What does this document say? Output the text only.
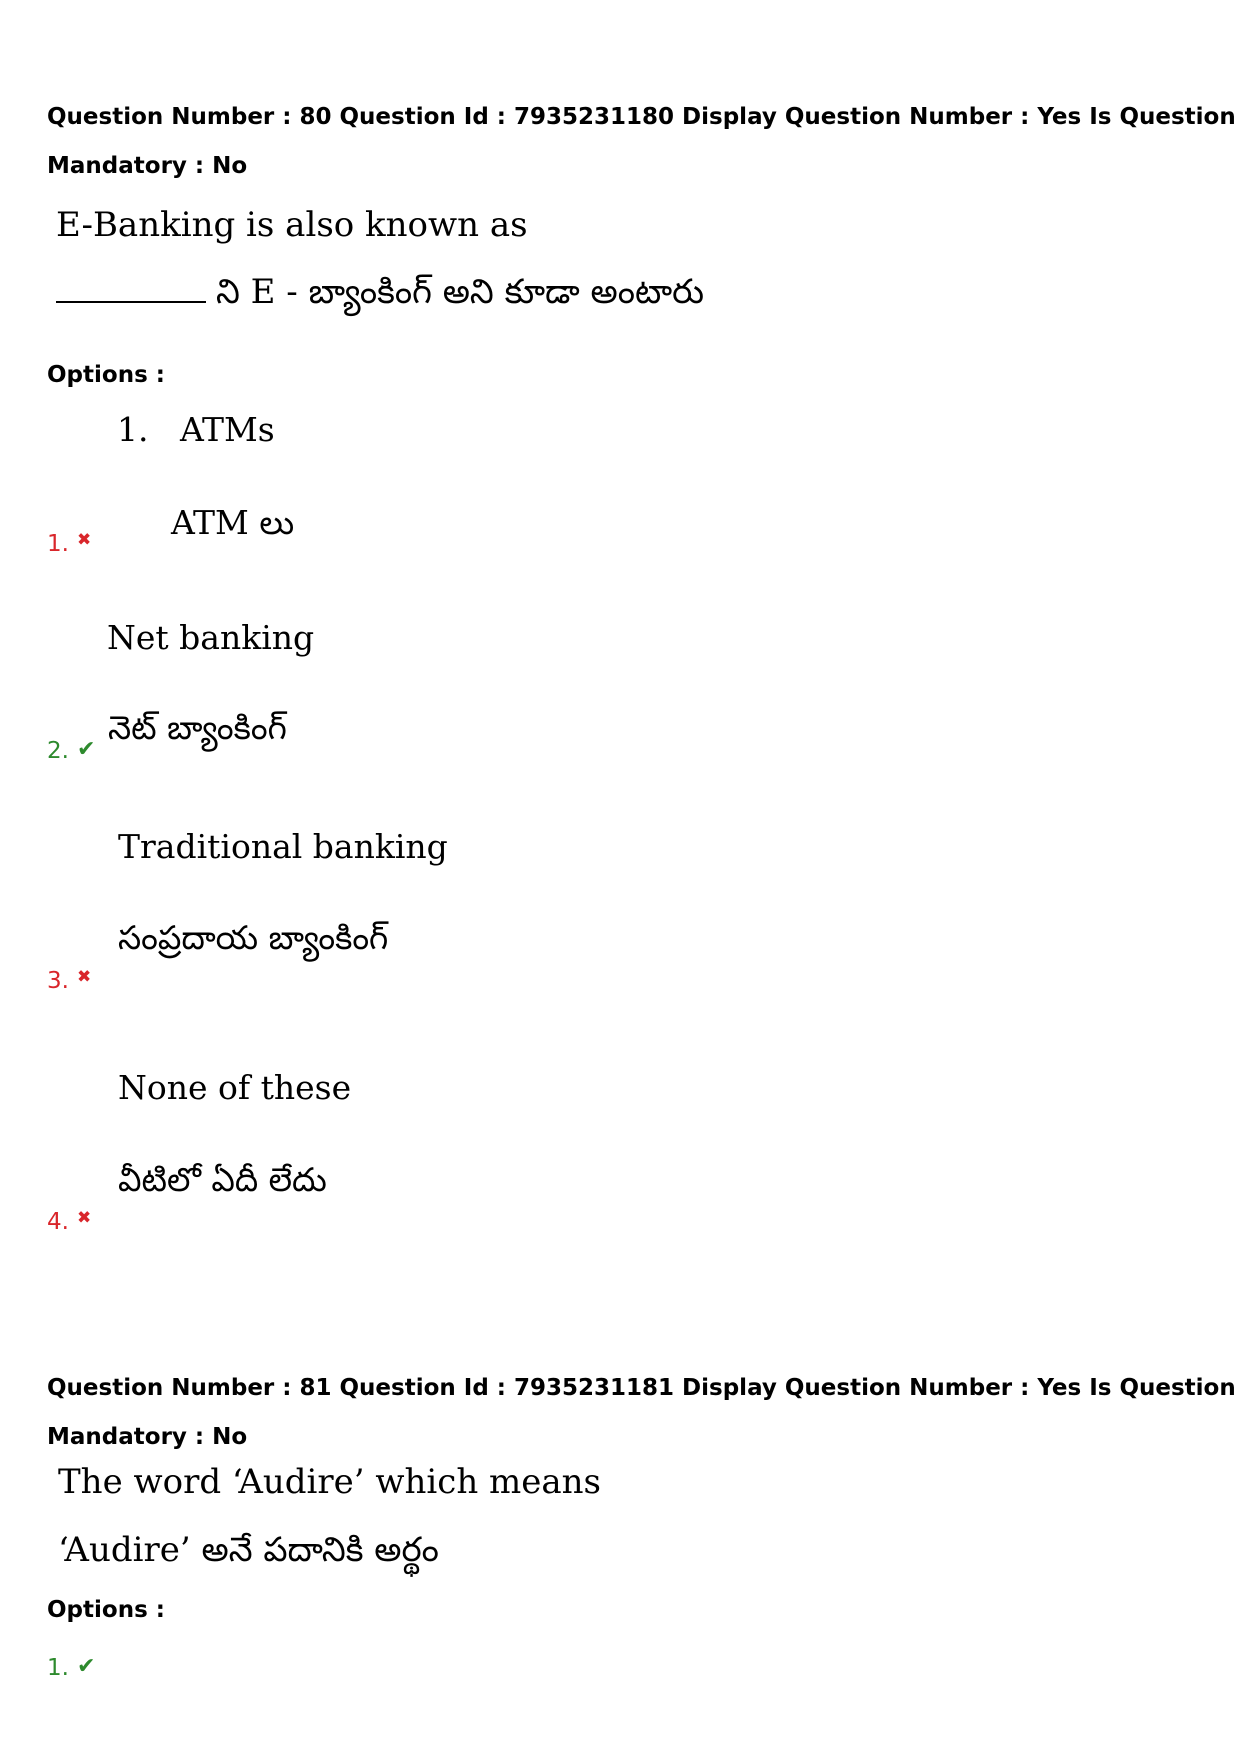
Question Number : 80 Question Id : 7935231180 Display Question Number : Yes Is Question
Mandatory : No
E-Banking is also known as
ని E - బ్యాంకింగ్ అని కూడా అంటారు
Options :
1. ATMs
ATM లు
1. ✖
Net banking
నెట్ బ్యాంకింగ్
2. ✔
Traditional banking
సంప్రదాయ బ్యాంకింగ్
3. ✖
None of these
వీటిలో ఏదీ లేదు
4. ✖
Question Number : 81 Question Id : 7935231181 Display Question Number : Yes Is Question
Mandatory : No
The word ‘Audire’ which means
‘Audire’ అనే పదానికి అర్థం
Options :
1. ✔
